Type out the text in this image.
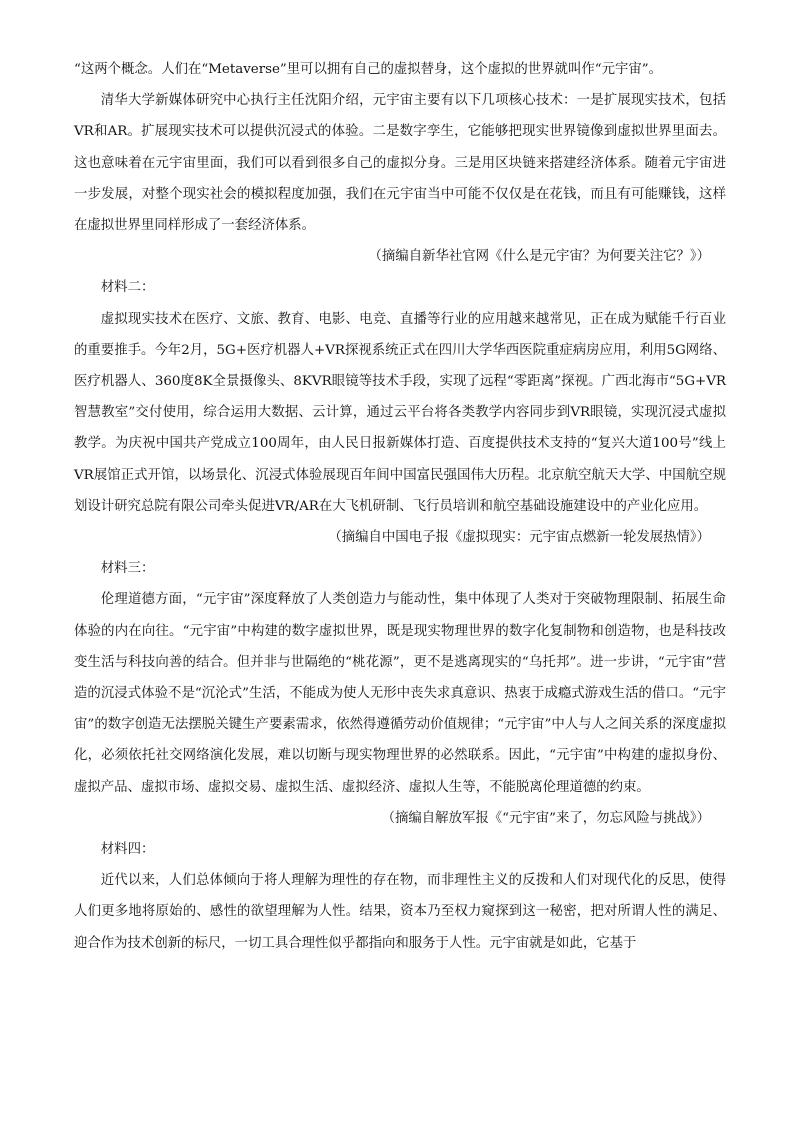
“这两个概念。人们在“Metaverse”里可以拥有自己的虚拟替身，这个虚拟的世界就叫作“元宇宙”。

清华大学新媒体研究中心执行主任沈阳介绍，元宇宙主要有以下几项核心技术：一是扩展现实技术，包括VR和AR。扩展现实技术可以提供沉浸式的体验。二是数字孪生，它能够把现实世界镜像到虚拟世界里面去。这也意味着在元宇宙里面，我们可以看到很多自己的虚拟分身。三是用区块链来搭建经济体系。随着元宇宙进一步发展，对整个现实社会的模拟程度加强，我们在元宇宙当中可能不仅仅是在花钱，而且有可能赚钱，这样在虚拟世界里同样形成了一套经济体系。

（摘编自新华社官网《什么是元宇宙？为何要关注它？》）

材料二：

虚拟现实技术在医疗、文旅、教育、电影、电竞、直播等行业的应用越来越常见，正在成为赋能千行百业的重要推手。今年2月，5G+医疗机器人+VR探视系统正式在四川大学华西医院重症病房应用，利用5G网络、医疗机器人、360度8K全景摄像头、8KVR眼镜等技术手段，实现了远程“零距离”探视。广西北海市“5G+VR智慧教室”交付使用，综合运用大数据、云计算，通过云平台将各类教学内容同步到VR眼镜，实现沉浸式虚拟教学。为庆祝中国共产党成立100周年，由人民日报新媒体打造、百度提供技术支持的“复兴大道100号”线上VR展馆正式开馆，以场景化、沉浸式体验展现百年间中国富民强国伟大历程。北京航空航天大学、中国航空规划设计研究总院有限公司牵头促进VR/AR在大飞机研制、飞行员培训和航空基础设施建设中的产业化应用。

（摘编自中国电子报《虚拟现实：元宇宙点燃新一轮发展热情》）

材料三：

伦理道德方面，“元宇宙”深度释放了人类创造力与能动性，集中体现了人类对于突破物理限制、拓展生命体验的内在向往。“元宇宙”中构建的数字虚拟世界，既是现实物理世界的数字化复制物和创造物，也是科技改变生活与科技向善的结合。但并非与世隔绝的“桃花源”，更不是逃离现实的“乌托邦”。进一步讲，“元宇宙”营造的沉浸式体验不是“沉沦式”生活，不能成为使人无形中丧失求真意识、热衷于成瘾式游戏生活的借口。“元宇宙”的数字创造无法摆脱关键生产要素需求，依然得遵循劳动价值规律；“元宇宙”中人与人之间关系的深度虚拟化，必须依托社交网络演化发展，难以切断与现实物理世界的必然联系。因此，“元宇宙”中构建的虚拟身份、虚拟产品、虚拟市场、虚拟交易、虚拟生活、虚拟经济、虚拟人生等，不能脱离伦理道德的约束。

（摘编自解放军报《“元宇宙”来了，勿忘风险与挑战》）

材料四：

近代以来，人们总体倾向于将人理解为理性的存在物，而非理性主义的反拨和人们对现代化的反思，使得人们更多地将原始的、感性的欲望理解为人性。结果，资本乃至权力窥探到这一秘密，把对所谓人性的满足、迎合作为技术创新的标尺，一切工具合理性似乎都指向和服务于人性。元宇宙就是如此，它基于
